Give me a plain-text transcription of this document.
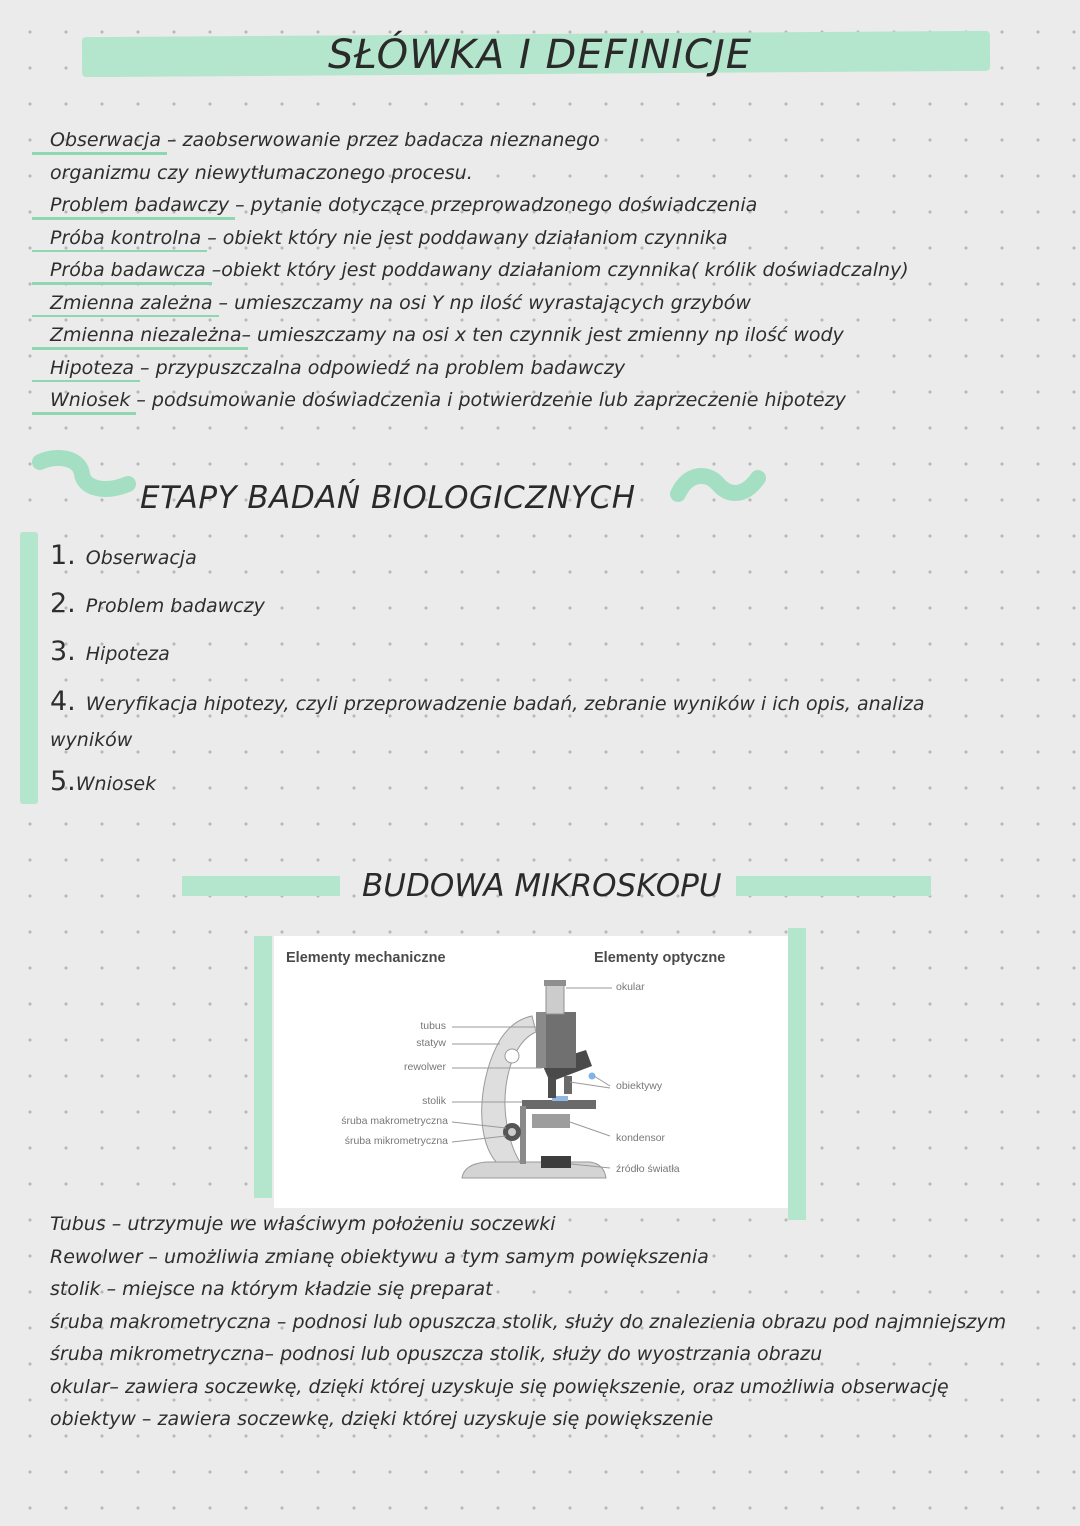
SŁÓWKA I DEFINICJE
Obserwacja – zaobserwowanie przez badacza nieznanego
organizmu czy niewytłumaczonego procesu.
Problem badawczy – pytanie dotyczące przeprowadzonego doświadczenia
Próba kontrolna – obiekt który nie jest poddawany działaniom czynnika
Próba badawcza –obiekt który jest poddawany działaniom czynnika( królik doświadczalny)
Zmienna zależna – umieszczamy na osi Y np ilość wyrastających grzybów
Zmienna niezależna– umieszczamy na osi x ten czynnik jest zmienny np ilość wody
Hipoteza – przypuszczalna odpowiedź na problem badawczy
Wniosek – podsumowanie doświadczenia i potwierdzenie lub zaprzeczenie hipotezy
ETAPY BADAŃ BIOLOGICZNYCH
1. Obserwacja
2. Problem badawczy
3. Hipoteza
4. Weryfikacja hipotezy, czyli przeprowadzenie badań, zebranie wyników i ich opis, analiza wyników
5.Wniosek
BUDOWA MIKROSKOPU
Elementy mechaniczne	Elementy optyczne
tubus
statyw
rewolwer
stolik
śruba makrometryczna
śruba mikrometryczna
okular
obiektywy
kondensor
źródło światła
Tubus – utrzymuje we właściwym położeniu soczewki
Rewolwer – umożliwia zmianę obiektywu a tym samym powiększenia
stolik – miejsce na którym kładzie się preparat
śruba makrometryczna – podnosi lub opuszcza stolik, służy do znalezienia obrazu pod najmniejszym
śruba mikrometryczna– podnosi lub opuszcza stolik, służy do wyostrzania obrazu
okular– zawiera soczewkę, dzięki której uzyskuje się powiększenie, oraz umożliwia obserwację
obiektyw – zawiera soczewkę, dzięki której uzyskuje się powiększenie
